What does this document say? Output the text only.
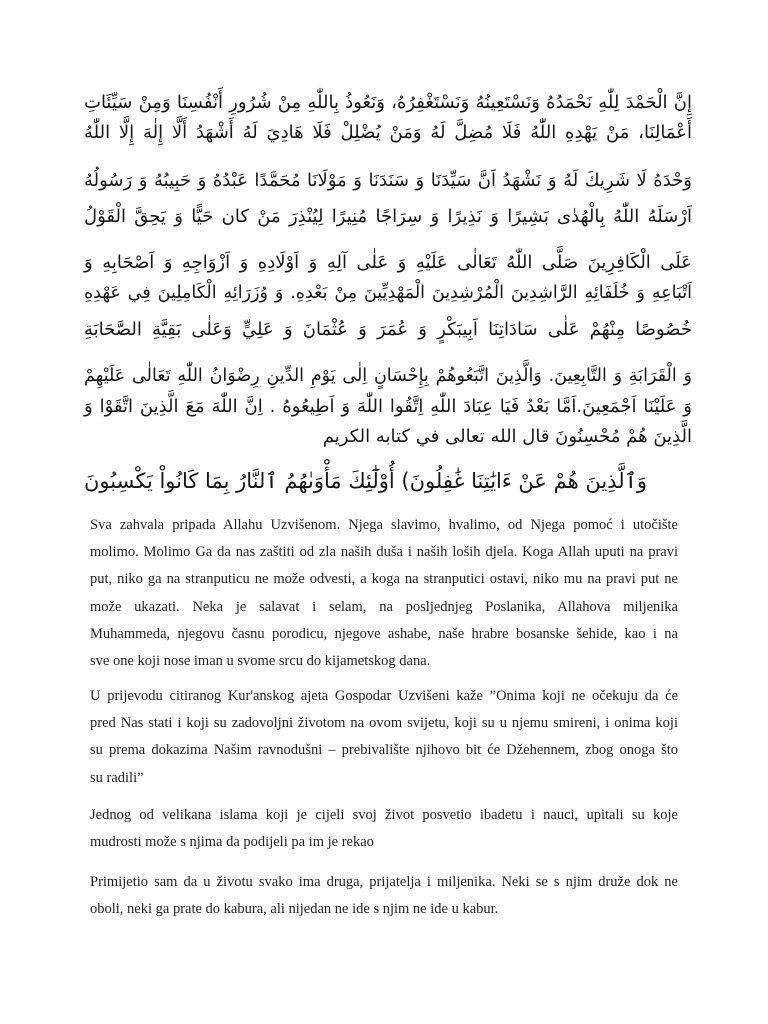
إِنَّ الْحَمْدَ لِلّٰهِ نَحْمَدُهُ وَنَسْتَعِينُهُ وَنَسْتَغْفِرُهُ، وَنَعُوذُ بِاللّٰهِ مِنْ شُرُورِ أَنْفُسِنَا وَمِنْ سَيِّئَاتِ
أَعْمَالِنَا، مَنْ يَهْدِهِ اللّٰهُ فَلَا مُضِلَّ لَهُ وَمَنْ يُضْلِلْ فَلَا هَادِيَ لَهُ أَشْهَدُ أَلَّا إِلٰهَ إِلَّا اللّٰهُ
وَحْدَهُ لَا شَرِيكَ لَهُ وَ نَشْهَدُ اَنَّ سَيِّدَنَا وَ سَنَدَنَا وَ مَوْلَانَا مُحَمَّدًا عَبْدُهُ وَ حَبِيبُهُ وَ رَسُولُهُ
اَرْسَلَهُ اللّٰهُ بِالْهُدٰى بَشِيرًا وَ نَذِيرًا وَ سِرَاجًا مُنِيرًا لِيُنْذِرَ مَنْ كان حَيًّا وَ يَحِقَّ الْقَوْلُ
عَلَى الْكَافِرِينَ صَلَّى اللّٰهُ تَعَالٰى عَلَيْهِ وَ عَلٰى آلِهِ وَ اَوْلَادِهِ وَ اَزْوَاجِهِ وَ اَصْحَابِهِ وَ
اَتْبَاعِهِ وَ خُلَفَائِهِ الرَّاشِدِينَ الْمُرْشِدِينَ الْمَهْدِيِّينَ مِنْ بَعْدِهِ. وَ وُزَرَائِهِ الْكَامِلِينَ فِي عَهْدِهِ
خُصُوصًا مِنْهُمْ عَلٰى سَادَاتِنَا اَبِيبَكْرٍ وَ عُمَرَ وَ عُثْمَانَ وَ عَلِيٍّ وَعَلٰى بَقِيَّةِ الصَّحَابَةِ
وَ الْقَرَابَةِ وَ التَّابِعِينَ. وَالَّذِينَ اتَّبَعُوهُمْ بِإِحْسَانٍ اِلٰى يَوْمِ الدِّينِ رِضْوَانُ اللّٰهِ تَعَالٰى عَلَيْهِمْ
وَ عَلَيْنَا اَجْمَعِينَ.اَمَّا بَعْدُ فَيَا عِبَادَ اللّٰهِ اِتَّقُوا اللّٰهَ وَ اَطِيعُوهُ . اِنَّ اللّٰهَ مَعَ الَّذِينَ اتَّقَوْا وَ
الَّذِينَ هُمْ مُحْسِنُونَ قال الله تعالى في كتابه الكريم
وَٱلَّذِينَ هُمْ عَنْ ءَايَٰتِنَا غَٰفِلُونَ) أُوْلَٰٓئِكَ مَأْوَىٰهُمُ ٱلنَّارُ بِمَا كَانُواْ يَكْسِبُونَ
Sva zahvala pripada Allahu Uzvišenom. Njega slavimo, hvalimo, od Njega pomoć i utočište
molimo. Molimo Ga da nas zaštiti od zla naših duša i naših loših djela. Koga Allah uputi na pravi
put, niko ga na stranputicu ne može odvesti, a koga na stranputici ostavi, niko mu na pravi put ne
može ukazati. Neka je salavat i selam, na posljednjeg Poslanika, Allahova miljenika
Muhammeda, njegovu časnu porodicu, njegove ashabe, naše hrabre bosanske šehide, kao i na
sve one koji nose iman u svome srcu do kijametskog dana.
U prijevodu citiranog Kur'anskog ajeta Gospodar Uzvišeni kaže ”Onima koji ne očekuju da će
pred Nas stati i koji su zadovoljni životom na ovom svijetu, koji su u njemu smireni, i onima koji
su prema dokazima Našim ravnodušni – prebivalište njihovo bit će Džehennem, zbog onoga što
su radili”
Jednog od velikana islama koji je cijeli svoj život posvetio ibadetu i nauci, upitali su koje
mudrosti može s njima da podijeli pa im je rekao
Primijetio sam da u životu svako ima druga, prijatelja i miljenika. Neki se s njim druže dok ne
oboli, neki ga prate do kabura, ali nijedan ne ide s njim ne ide u kabur.
